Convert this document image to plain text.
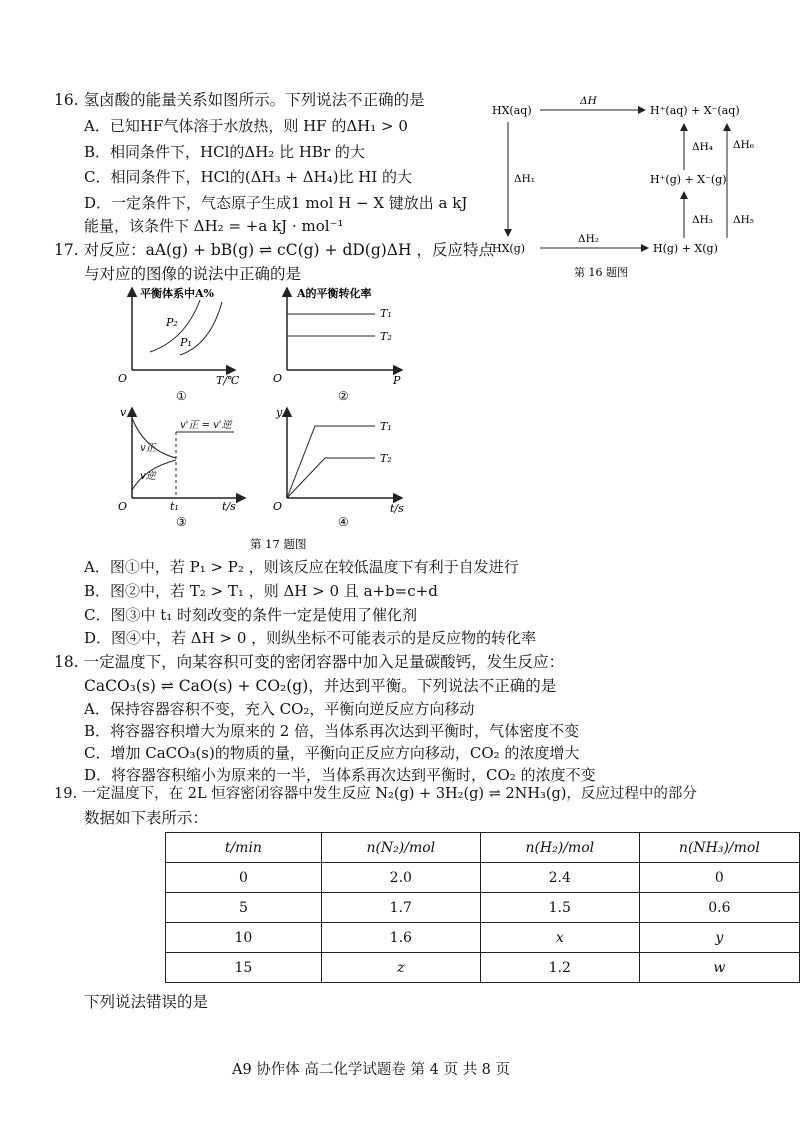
16. 氢卤酸的能量关系如图所示。下列说法不正确的是
A．已知HF气体溶于水放热，则 HF 的ΔH₁ > 0
B．相同条件下，HCl的ΔH₂ 比 HBr 的大
C．相同条件下，HCl的(ΔH₃ + ΔH₄)比 HI 的大
D．一定条件下，气态原子生成1 mol H − X 键放出 a kJ
能量，该条件下 ΔH₂ = +a kJ · mol⁻¹
HX(aq)
ΔH
H⁺(aq) + X⁻(aq)
ΔH₁
ΔH₄ ΔH₆
H⁺(g) + X⁻(g)
ΔH₃ ΔH₅
HX(g)
ΔH₂
H(g) + X(g)
第 16 题图
17. 对反应：aA(g) + bB(g) ⇌ cC(g) + dD(g)ΔH ，反应特点
与对应的图像的说法中正确的是
平衡体系中A%
P₂
P₁
O	T/℃
①
A的平衡转化率
T₁
T₂
O	P
②
v
v正
v逆
v'正 = v'逆
O	t₁	t/s
③
y
T₁
T₂
O	t/s
④
第 17 题图
A．图①中，若 P₁ > P₂ ，则该反应在较低温度下有利于自发进行
B．图②中，若 T₂ > T₁ ，则 ΔH > 0 且 a+b=c+d
C．图③中 t₁ 时刻改变的条件一定是使用了催化剂
D．图④中，若 ΔH > 0 ，则纵坐标不可能表示的是反应物的转化率
18. 一定温度下，向某容积可变的密闭容器中加入足量碳酸钙，发生反应：
CaCO₃(s) ⇌ CaO(s) + CO₂(g)，并达到平衡。下列说法不正确的是
A．保持容器容积不变，充入 CO₂，平衡向逆反应方向移动
B．将容器容积增大为原来的 2 倍，当体系再次达到平衡时，气体密度不变
C．增加 CaCO₃(s)的物质的量，平衡向正反应方向移动，CO₂ 的浓度增大
D．将容器容积缩小为原来的一半，当体系再次达到平衡时，CO₂ 的浓度不变
19. 一定温度下，在 2L 恒容密闭容器中发生反应 N₂(g) + 3H₂(g) ⇌ 2NH₃(g)，反应过程中的部分
数据如下表所示：
t/min	n(N₂)/mol	n(H₂)/mol	n(NH₃)/mol
0	2.0	2.4	0
5	1.7	1.5	0.6
10	1.6	x	y
15	z	1.2	w
下列说法错误的是
A9 协作体 高二化学试题卷 第 4 页 共 8 页
